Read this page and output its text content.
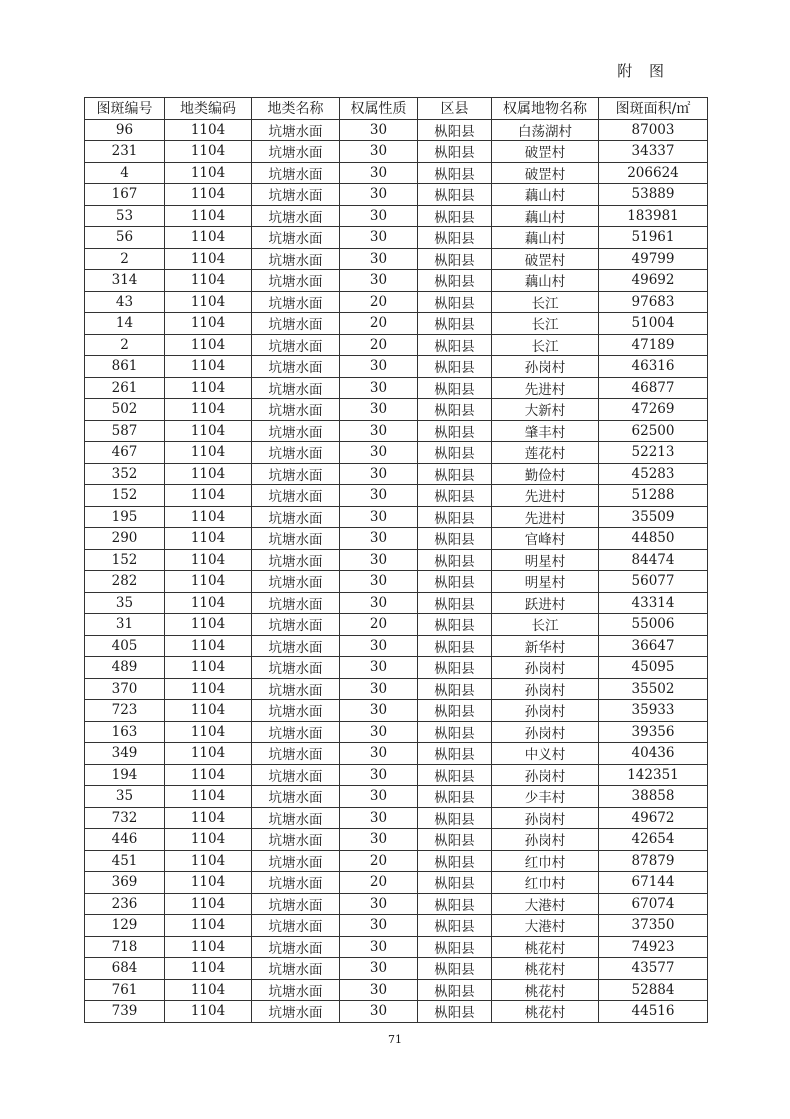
附 图
图斑编号	地类编码	地类名称	权属性质	区县	权属地物名称	图斑面积/㎡
96	1104	坑塘水面	30	枞阳县	白荡湖村	87003
231	1104	坑塘水面	30	枞阳县	破罡村	34337
4	1104	坑塘水面	30	枞阳县	破罡村	206624
167	1104	坑塘水面	30	枞阳县	藕山村	53889
53	1104	坑塘水面	30	枞阳县	藕山村	183981
56	1104	坑塘水面	30	枞阳县	藕山村	51961
2	1104	坑塘水面	30	枞阳县	破罡村	49799
314	1104	坑塘水面	30	枞阳县	藕山村	49692
43	1104	坑塘水面	20	枞阳县	长江	97683
14	1104	坑塘水面	20	枞阳县	长江	51004
2	1104	坑塘水面	20	枞阳县	长江	47189
861	1104	坑塘水面	30	枞阳县	孙岗村	46316
261	1104	坑塘水面	30	枞阳县	先进村	46877
502	1104	坑塘水面	30	枞阳县	大新村	47269
587	1104	坑塘水面	30	枞阳县	肇丰村	62500
467	1104	坑塘水面	30	枞阳县	莲花村	52213
352	1104	坑塘水面	30	枞阳县	勤俭村	45283
152	1104	坑塘水面	30	枞阳县	先进村	51288
195	1104	坑塘水面	30	枞阳县	先进村	35509
290	1104	坑塘水面	30	枞阳县	官峰村	44850
152	1104	坑塘水面	30	枞阳县	明星村	84474
282	1104	坑塘水面	30	枞阳县	明星村	56077
35	1104	坑塘水面	30	枞阳县	跃进村	43314
31	1104	坑塘水面	20	枞阳县	长江	55006
405	1104	坑塘水面	30	枞阳县	新华村	36647
489	1104	坑塘水面	30	枞阳县	孙岗村	45095
370	1104	坑塘水面	30	枞阳县	孙岗村	35502
723	1104	坑塘水面	30	枞阳县	孙岗村	35933
163	1104	坑塘水面	30	枞阳县	孙岗村	39356
349	1104	坑塘水面	30	枞阳县	中义村	40436
194	1104	坑塘水面	30	枞阳县	孙岗村	142351
35	1104	坑塘水面	30	枞阳县	少丰村	38858
732	1104	坑塘水面	30	枞阳县	孙岗村	49672
446	1104	坑塘水面	30	枞阳县	孙岗村	42654
451	1104	坑塘水面	20	枞阳县	红巾村	87879
369	1104	坑塘水面	20	枞阳县	红巾村	67144
236	1104	坑塘水面	30	枞阳县	大港村	67074
129	1104	坑塘水面	30	枞阳县	大港村	37350
718	1104	坑塘水面	30	枞阳县	桃花村	74923
684	1104	坑塘水面	30	枞阳县	桃花村	43577
761	1104	坑塘水面	30	枞阳县	桃花村	52884
739	1104	坑塘水面	30	枞阳县	桃花村	44516
71
